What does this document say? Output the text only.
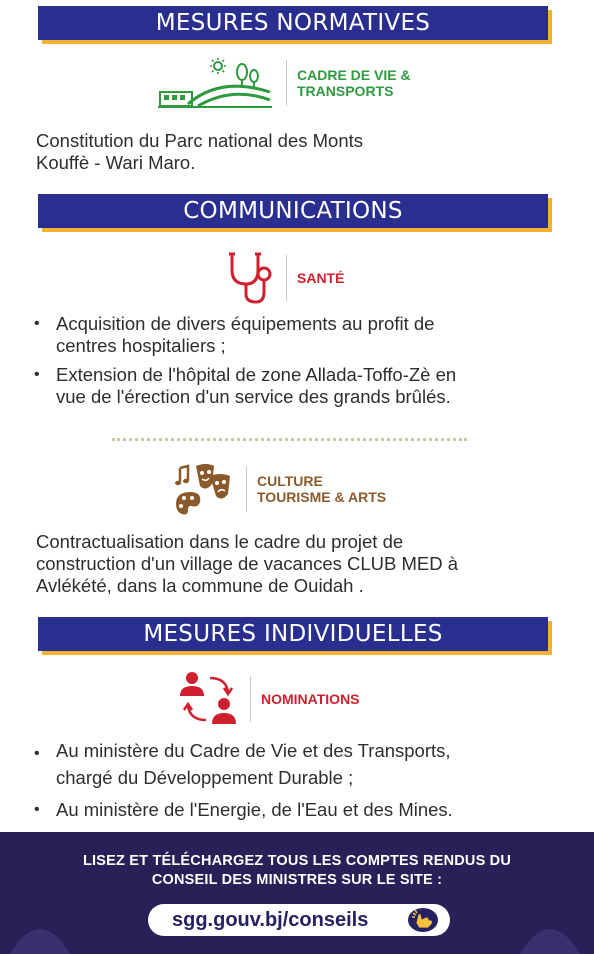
MESURES NORMATIVES
CADRE DE VIE &
TRANSPORTS
Constitution du Parc national des Monts
Kouffè - Wari Maro.
COMMUNICATIONS
SANTÉ
• Acquisition de divers équipements au profit de
centres hospitaliers ;
• Extension de l'hôpital de zone Allada-Toffo-Zè en
vue de l'érection d'un service des grands brûlés.
CULTURE
TOURISME & ARTS
Contractualisation dans le cadre du projet de
construction d'un village de vacances CLUB MED à
Avlékété, dans la commune de Ouidah .
MESURES INDIVIDUELLES
NOMINATIONS
• Au ministère du Cadre de Vie et des Transports,
chargé du Développement Durable ;
• Au ministère de l'Energie, de l'Eau et des Mines.
LISEZ ET TÉLÉCHARGEZ TOUS LES COMPTES RENDUS DU
CONSEIL DES MINISTRES SUR LE SITE :
sgg.gouv.bj/conseils
